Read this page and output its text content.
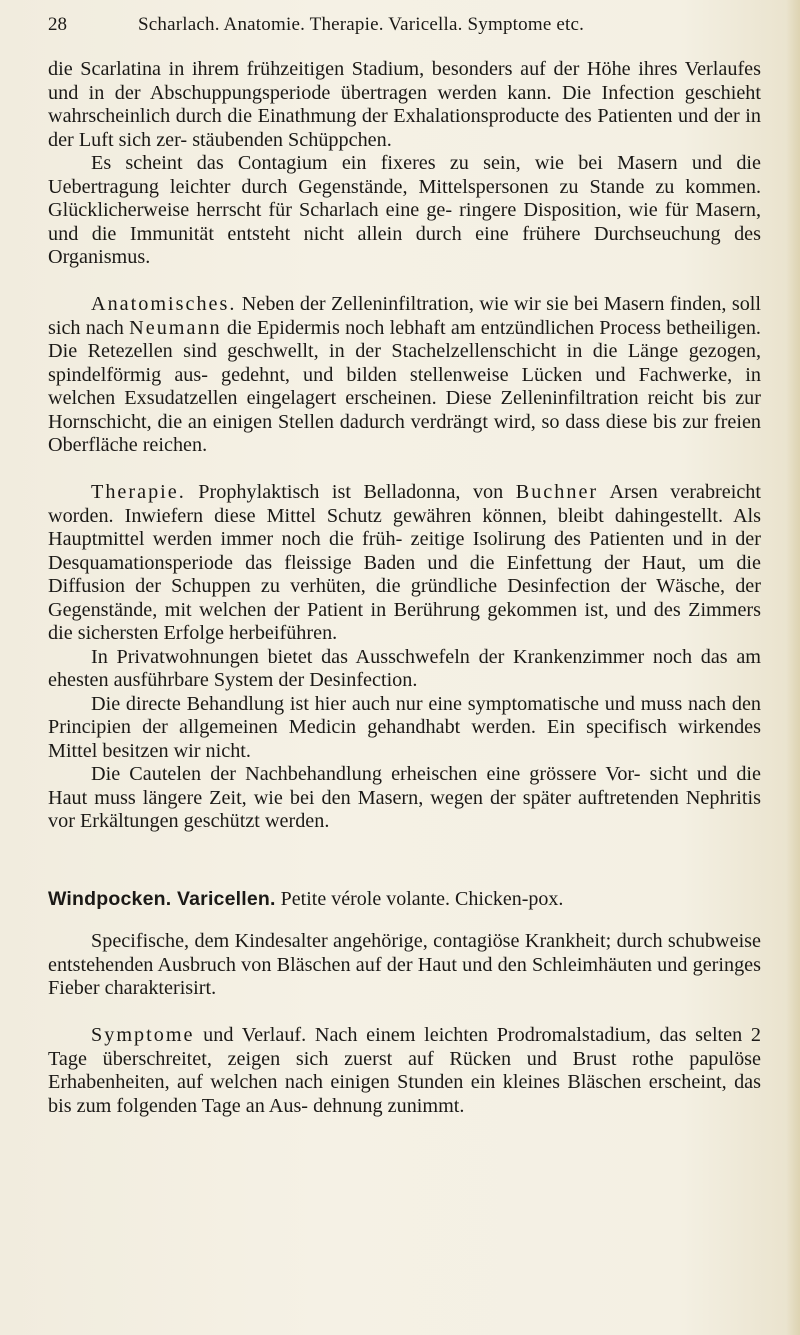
28	Scharlach. Anatomie. Therapie. Varicella. Symptome etc.

die Scarlatina in ihrem frühzeitigen Stadium, besonders auf der Höhe ihres Verlaufes und in der Abschuppungsperiode übertragen werden kann. Die Infection geschieht wahrscheinlich durch die Einathmung der Exhalationsproducte des Patienten und der in der Luft sich zer- stäubenden Schüppchen.

Es scheint das Contagium ein fixeres zu sein, wie bei Masern und die Uebertragung leichter durch Gegenstände, Mittelspersonen zu Stande zu kommen. Glücklicherweise herrscht für Scharlach eine ge- ringere Disposition, wie für Masern, und die Immunität entsteht nicht allein durch eine frühere Durchseuchung des Organismus.

Anatomisches. Neben der Zelleninfiltration, wie wir sie bei Masern finden, soll sich nach Neumann die Epidermis noch lebhaft am entzündlichen Process betheiligen. Die Retezellen sind geschwellt, in der Stachelzellenschicht in die Länge gezogen, spindelförmig aus- gedehnt, und bilden stellenweise Lücken und Fachwerke, in welchen Exsudatzellen eingelagert erscheinen. Diese Zelleninfiltration reicht bis zur Hornschicht, die an einigen Stellen dadurch verdrängt wird, so dass diese bis zur freien Oberfläche reichen.

Therapie. Prophylaktisch ist Belladonna, von Buchner Arsen verabreicht worden. Inwiefern diese Mittel Schutz gewähren können, bleibt dahingestellt. Als Hauptmittel werden immer noch die früh- zeitige Isolirung des Patienten und in der Desquamationsperiode das fleissige Baden und die Einfettung der Haut, um die Diffusion der Schuppen zu verhüten, die gründliche Desinfection der Wäsche, der Gegenstände, mit welchen der Patient in Berührung gekommen ist, und des Zimmers die sichersten Erfolge herbeiführen.

In Privatwohnungen bietet das Ausschwefeln der Krankenzimmer noch das am ehesten ausführbare System der Desinfection.

Die directe Behandlung ist hier auch nur eine symptomatische und muss nach den Principien der allgemeinen Medicin gehandhabt werden. Ein specifisch wirkendes Mittel besitzen wir nicht.

Die Cautelen der Nachbehandlung erheischen eine grössere Vor- sicht und die Haut muss längere Zeit, wie bei den Masern, wegen der später auftretenden Nephritis vor Erkältungen geschützt werden.

Windpocken. Varicellen. Petite vérole volante. Chicken-pox.

Specifische, dem Kindesalter angehörige, contagiöse Krankheit; durch schubweise entstehenden Ausbruch von Bläschen auf der Haut und den Schleimhäuten und geringes Fieber charakterisirt.

Symptome und Verlauf. Nach einem leichten Prodromalstadium, das selten 2 Tage überschreitet, zeigen sich zuerst auf Rücken und Brust rothe papulöse Erhabenheiten, auf welchen nach einigen Stunden ein kleines Bläschen erscheint, das bis zum folgenden Tage an Aus- dehnung zunimmt.
